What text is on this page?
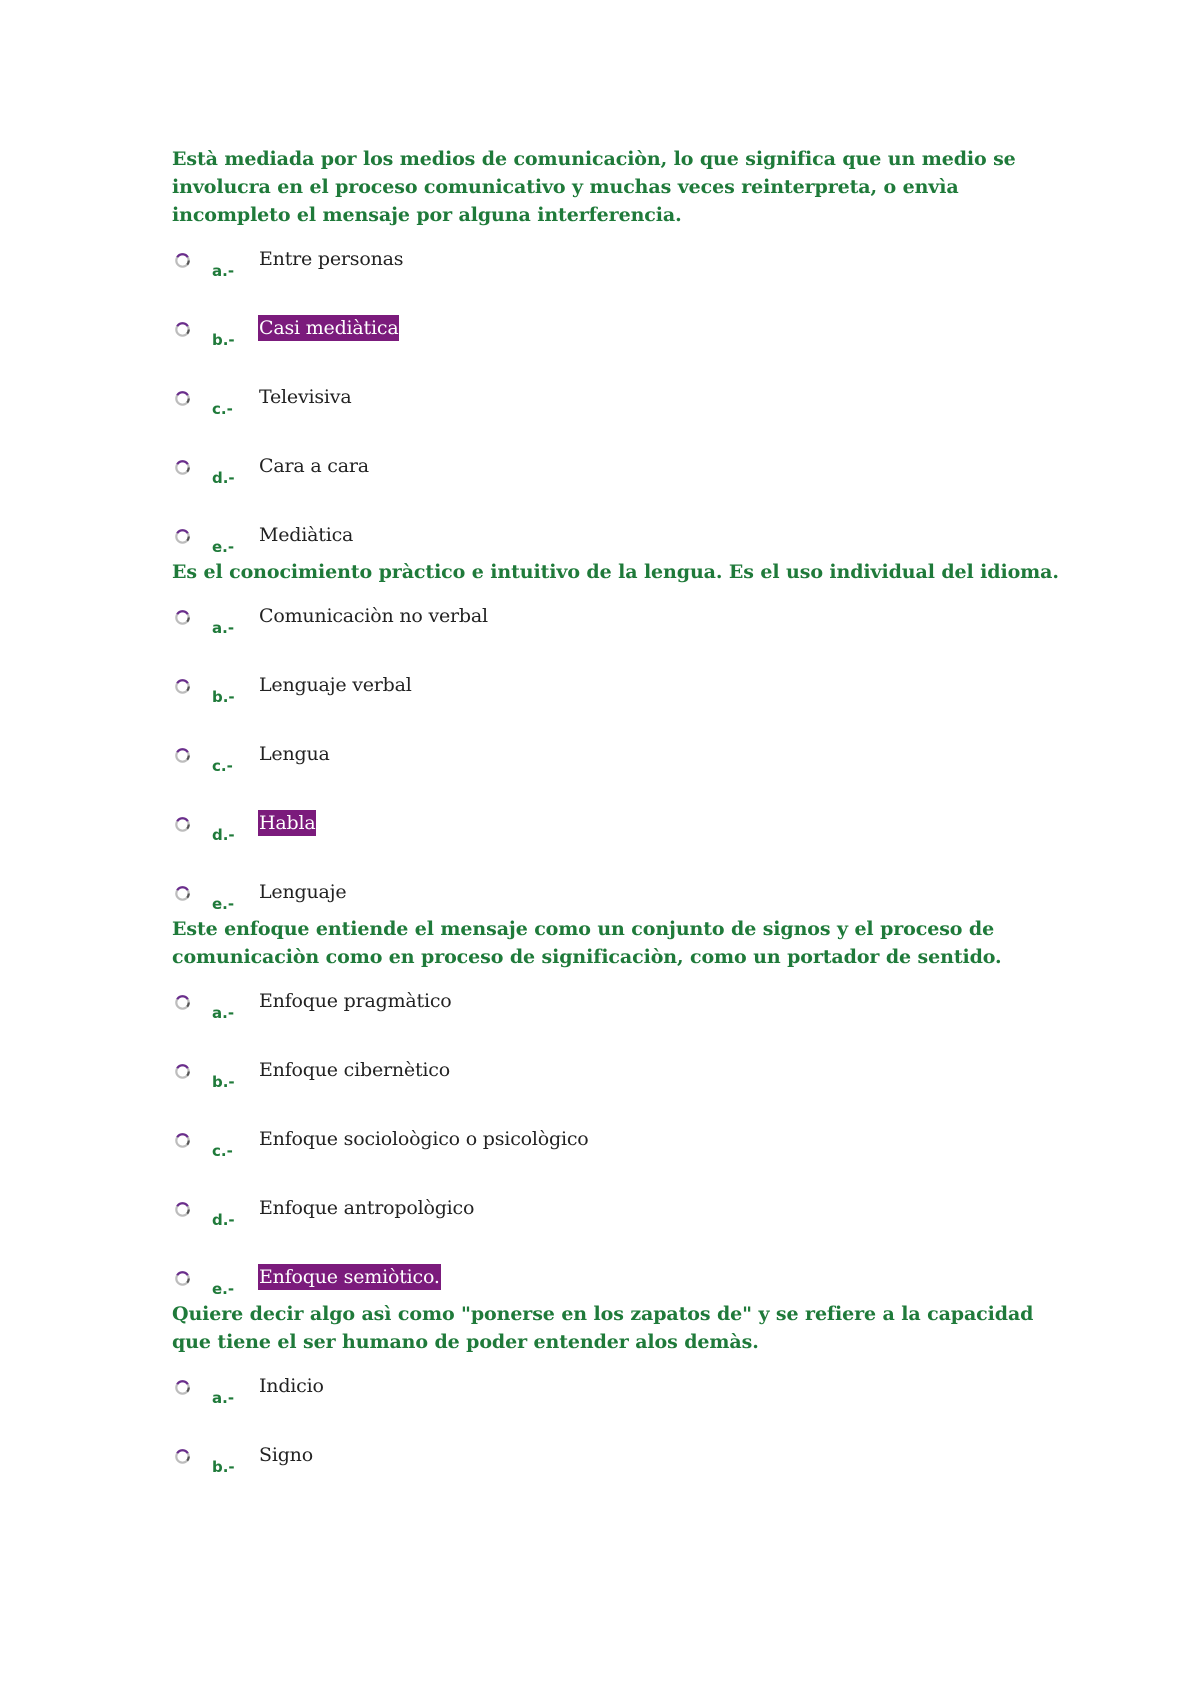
Està mediada por los medios de comunicaciòn, lo que significa que un medio se involucra en el proceso comunicativo y muchas veces reinterpreta, o envìa incompleto el mensaje por alguna interferencia.

a.-
Entre personas
b.-
Casi mediàtica
c.-
Televisiva
d.-
Cara a cara
e.-
Mediàtica

Es el conocimiento pràctico e intuitivo de la lengua. Es el uso individual del idioma.

a.-
Comunicaciòn no verbal
b.-
Lenguaje verbal
c.-
Lengua
d.-
Habla
e.-
Lenguaje

Este enfoque entiende el mensaje como un conjunto de signos y el proceso de comunicaciòn como en proceso de significaciòn, como un portador de sentido.

a.-
Enfoque pragmàtico
b.-
Enfoque cibernètico
c.-
Enfoque socioloògico o psicològico
d.-
Enfoque antropològico
e.-
Enfoque semiòtico.

Quiere decir algo asì como "ponerse en los zapatos de" y se refiere a la capacidad que tiene el ser humano de poder entender alos demàs.

a.-
Indicio
b.-
Signo
